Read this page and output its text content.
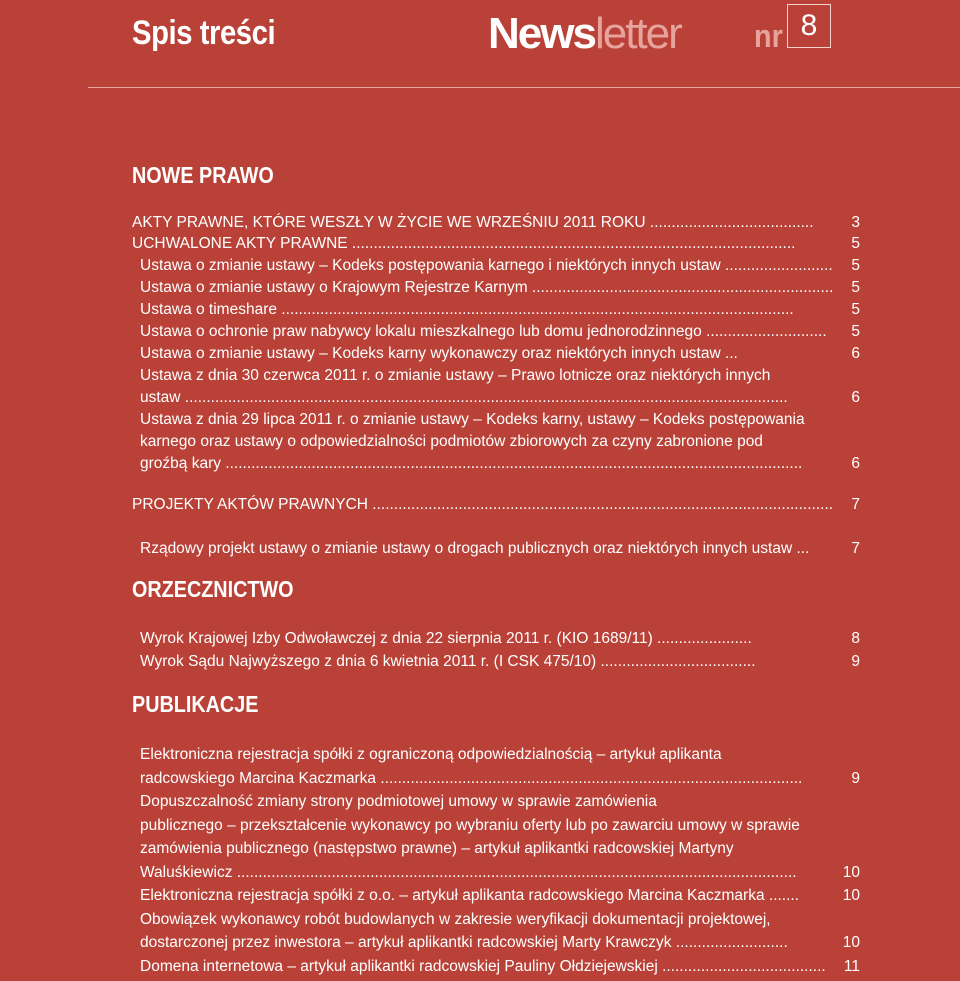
Spis treści	Newsletter nr 8
NOWE PRAWO
AKTY PRAWNE, KTÓRE WESZŁY W ŻYCIE WE WRZEŚNIU 2011 ROKU ......................................	3
UCHWALONE AKTY PRAWNE .......................................................................................................	5
Ustawa o zmianie ustawy – Kodeks postępowania karnego i niektórych innych ustaw .........................	5
Ustawa o zmianie ustawy o Krajowym Rejestrze Karnym ......................................................................	5
Ustawa o timeshare .......................................................................................................................	5
Ustawa o ochronie praw nabywcy lokalu mieszkalnego lub domu jednorodzinnego ............................	5
Ustawa o zmianie ustawy – Kodeks karny wykonawczy oraz niektórych innych ustaw ...	6
Ustawa z dnia 30 czerwca 2011 r. o zmianie ustawy – Prawo lotnicze oraz niektórych innych
ustaw ............................................................................................................................................	6
Ustawa z dnia 29 lipca 2011 r. o zmianie ustawy – Kodeks karny, ustawy – Kodeks postępowania
karnego oraz ustawy o odpowiedzialności podmiotów zbiorowych za czyny zabronione pod
groźbą kary ......................................................................................................................................	6
PROJEKTY AKTÓW PRAWNYCH ...........................................................................................................	7
Rządowy projekt ustawy o zmianie ustawy o drogach publicznych oraz niektórych innych ustaw ...	7
ORZECZNICTWO
Wyrok Krajowej Izby Odwoławczej z dnia 22 sierpnia 2011 r. (KIO 1689/11) ......................	8
Wyrok Sądu Najwyższego z dnia 6 kwietnia 2011 r. (I CSK 475/10) ....................................	9
PUBLIKACJE
Elektroniczna rejestracja spółki z ograniczoną odpowiedzialnością – artykuł aplikanta
radcowskiego Marcina Kaczmarka ..................................................................................................	9
Dopuszczalność zmiany strony podmiotowej umowy w sprawie zamówienia
publicznego – przekształcenie wykonawcy po wybraniu oferty lub po zawarciu umowy w sprawie
zamówienia publicznego (następstwo prawne) – artykuł aplikantki radcowskiej Martyny
Waluśkiewicz ..................................................................................................................................	10
Elektroniczna rejestracja spółki z o.o. – artykuł aplikanta radcowskiego Marcina Kaczmarka .......	10
Obowiązek wykonawcy robót budowlanych w zakresie weryfikacji dokumentacji projektowej,
dostarczonej przez inwestora – artykuł aplikantki radcowskiej Marty Krawczyk ..........................	10
Domena internetowa – artykuł aplikantki radcowskiej Pauliny Ołdziejewskiej ......................................	11
